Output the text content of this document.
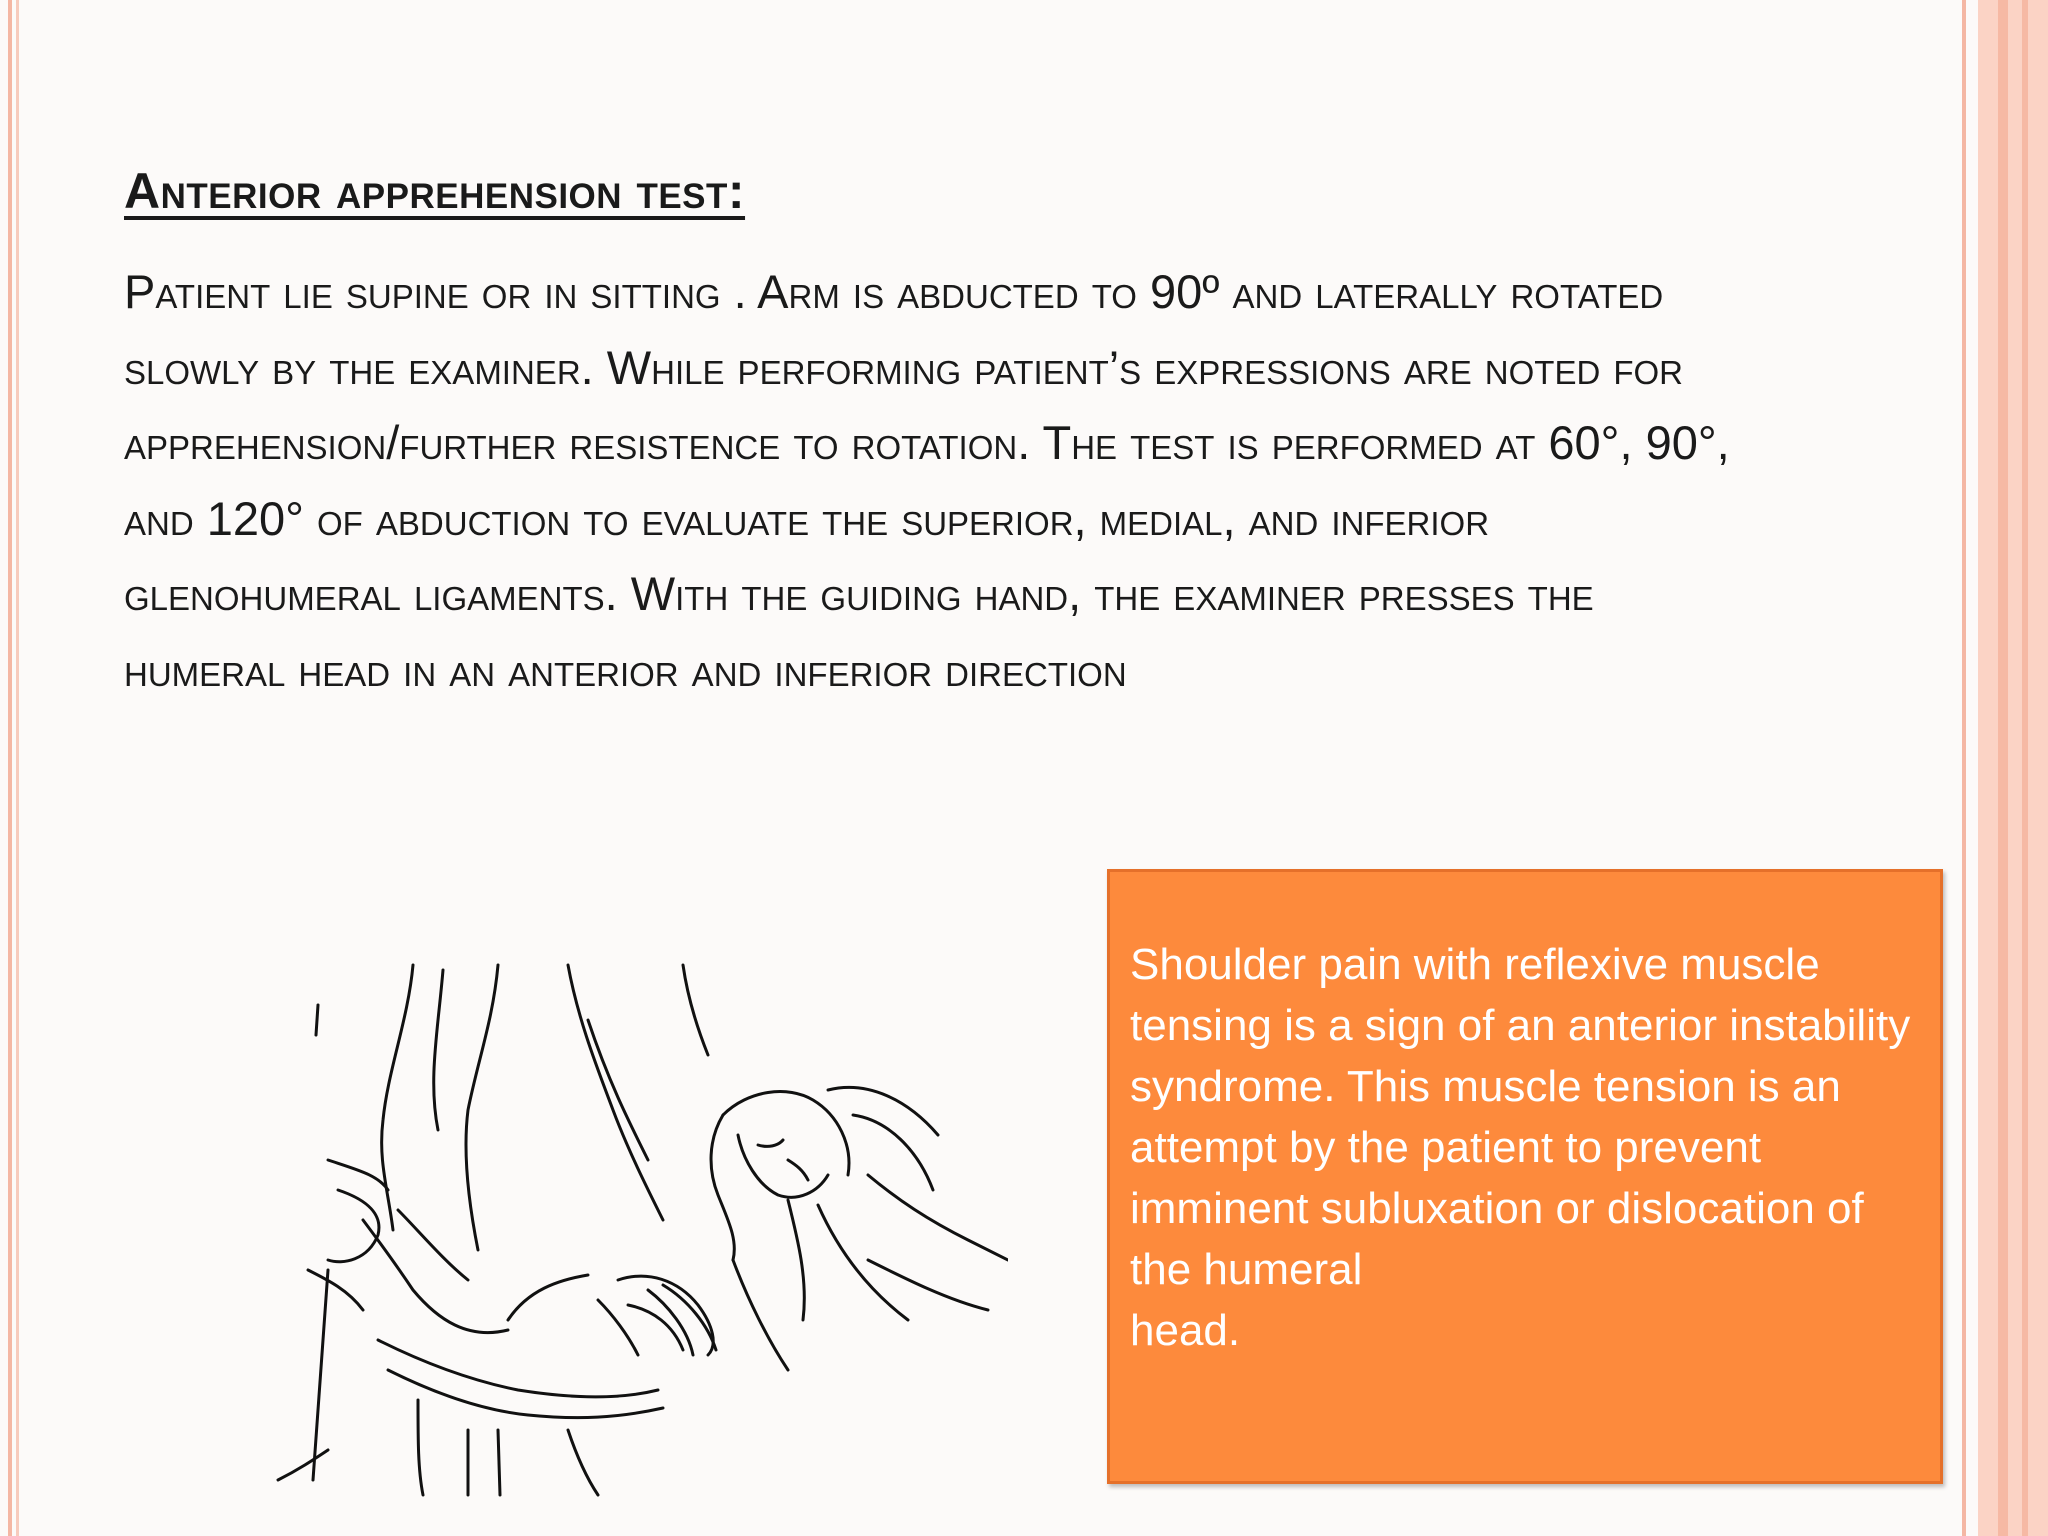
Anterior apprehension test:

Patient lie supine or in sitting . Arm is abducted to 90º and laterally rotated slowly by the examiner. While performing patient’s expressions are noted for apprehension/further resistence to rotation. The test is performed at 60°, 90°, and 120° of abduction to evaluate the superior, medial, and inferior glenohumeral ligaments. With the guiding hand, the examiner presses the humeral head in an anterior and inferior direction

Shoulder pain with reflexive muscle tensing is a sign of an anterior instability syndrome. This muscle tension is an attempt by the patient to prevent imminent subluxation or dislocation of the humeral
head.
